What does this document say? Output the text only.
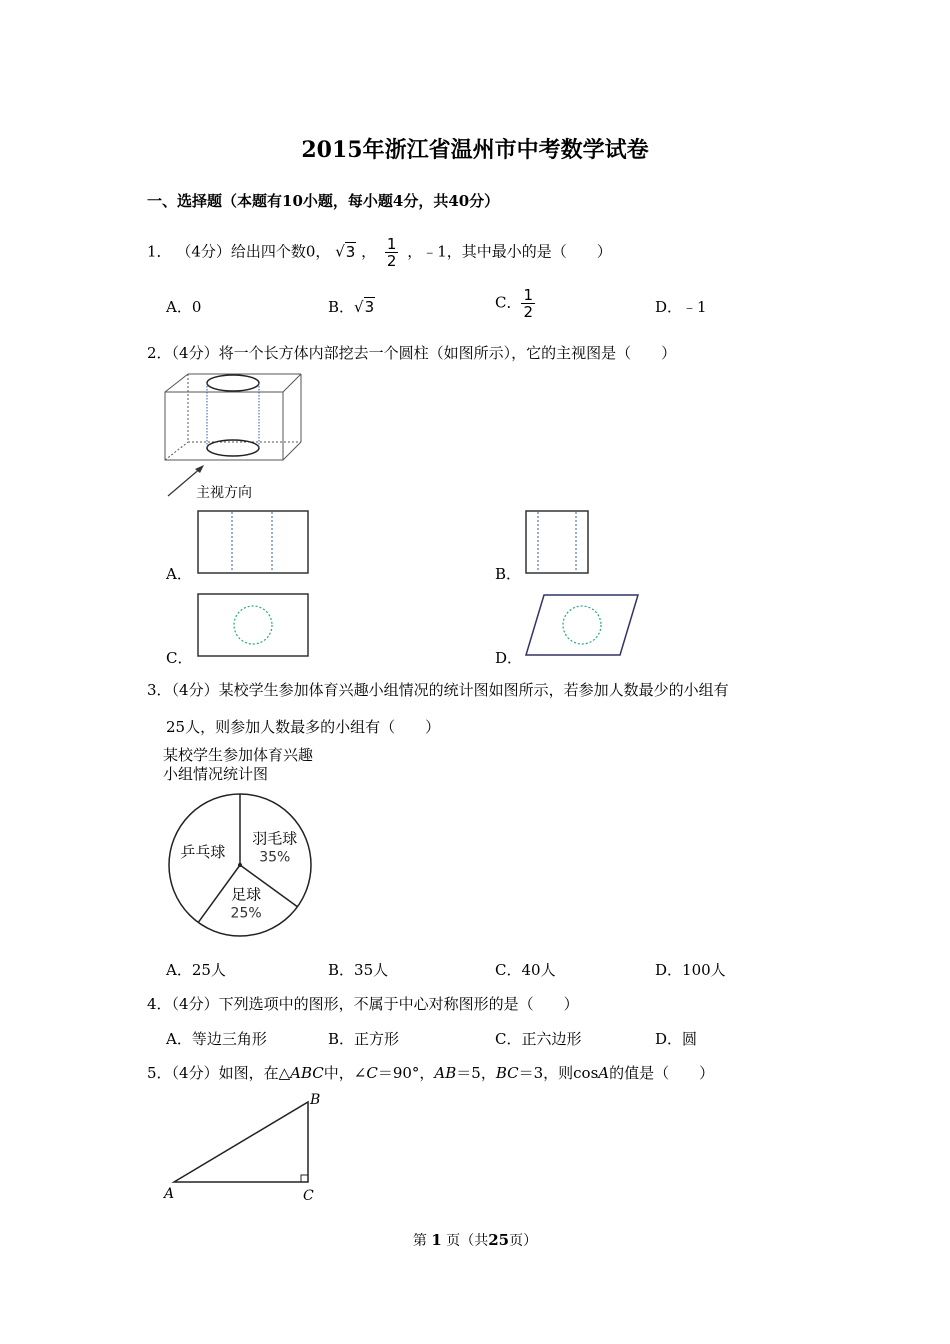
2015年浙江省温州市中考数学试卷
一、选择题（本题有10小题，每小题4分，共40分）
1． （4分）给出四个数0， √3 ， $\frac{1}{2}$ ，﹣1，其中最小的是（　　）
A．0	B．√3	C． $\frac{1}{2}$	D．﹣1
2．（4分）将一个长方体内部挖去一个圆柱（如图所示），它的主视图是（　　）
主视方向
A．	B．
C．	D．
3．（4分）某校学生参加体育兴趣小组情况的统计图如图所示，若参加人数最少的小组有
25人，则参加人数最多的小组有（　　）
某校学生参加体育兴趣
小组情况统计图
乒乓球
羽毛球
35%
足球
25%
A．25人	B．35人	C．40人	D．100人
4．（4分）下列选项中的图形，不属于中心对称图形的是（　　）
A．等边三角形	B．正方形	C．正六边形	D．圆
5．（4分）如图，在△ABC中，∠C＝90°，AB＝5，BC＝3，则cosA的值是（　　）
A
B
C
第 1 页（共25页）
